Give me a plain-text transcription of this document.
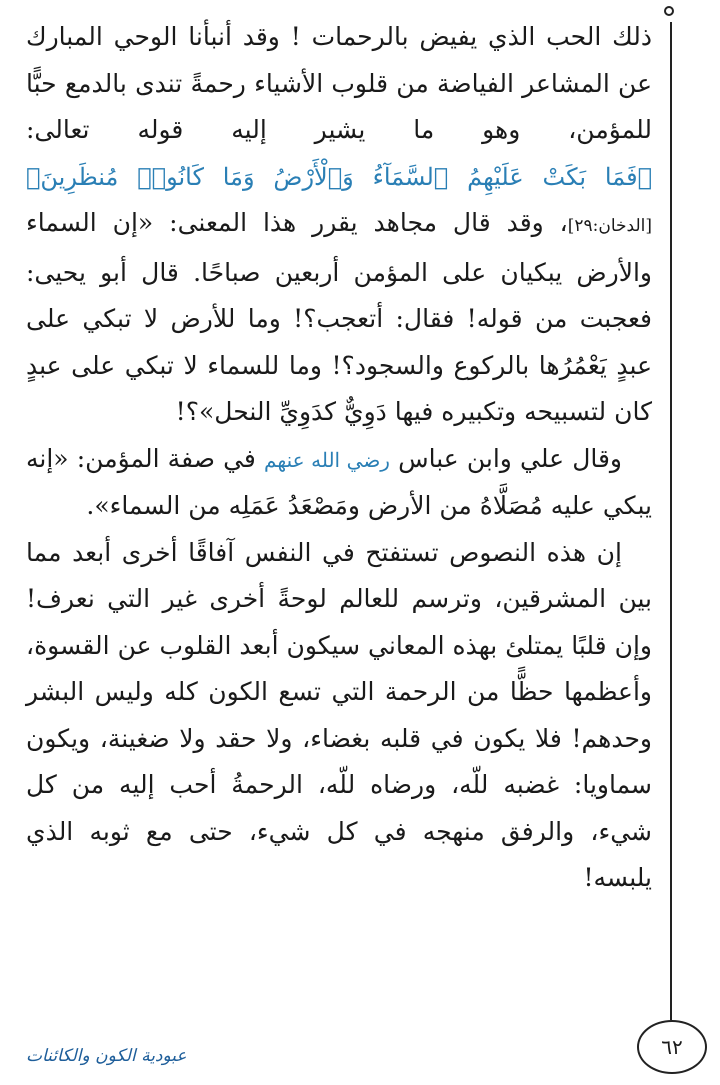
ذلك الحب الذي يفيض بالرحمات ! وقد أنبأنا الوحي المبارك عن المشاعر الفياضة من قلوب الأشياء رحمةً تندى بالدمع حبًّا للمؤمن، وهو ما يشير إليه قوله تعالى: ﴿فَمَا بَكَتْ عَلَيْهِمُ ٱلسَّمَآءُ وَٱلْأَرْضُ وَمَا كَانُوا۟ مُنظَرِينَ﴾ [الدخان:٢٩]، وقد قال مجاهد يقرر هذا المعنى: «إن السماء والأرض يبكيان على المؤمن أربعين صباحًا. قال أبو يحيى: فعجبت من قوله! فقال: أتعجب؟! وما للأرض لا تبكي على عبدٍ يَعْمُرُها بالركوع والسجود؟! وما للسماء لا تبكي على عبدٍ كان لتسبيحه وتكبيره فيها دَوِيٌّ كدَوِيِّ النحل»؟!

وقال علي وابن عباس رضي الله عنهم في صفة المؤمن: «إنه يبكي عليه مُصَلَّاهُ من الأرض ومَصْعَدُ عَمَلِه من السماء».

إن هذه النصوص تستفتح في النفس آفاقًا أخرى أبعد مما بين المشرقين، وترسم للعالم لوحةً أخرى غير التي نعرف! وإن قلبًا يمتلئ بهذه المعاني سيكون أبعد القلوب عن القسوة، وأعظمها حظًّا من الرحمة التي تسع الكون كله وليس البشر وحدهم! فلا يكون في قلبه بغضاء، ولا حقد ولا ضغينة، ويكون سماويا: غضبه للّه، ورضاه للّه، الرحمةُ أحب إليه من كل شيء، والرفق منهجه في كل شيء، حتى مع ثوبه الذي يلبسه!

عبودية الكون والكائنات	٦٢
